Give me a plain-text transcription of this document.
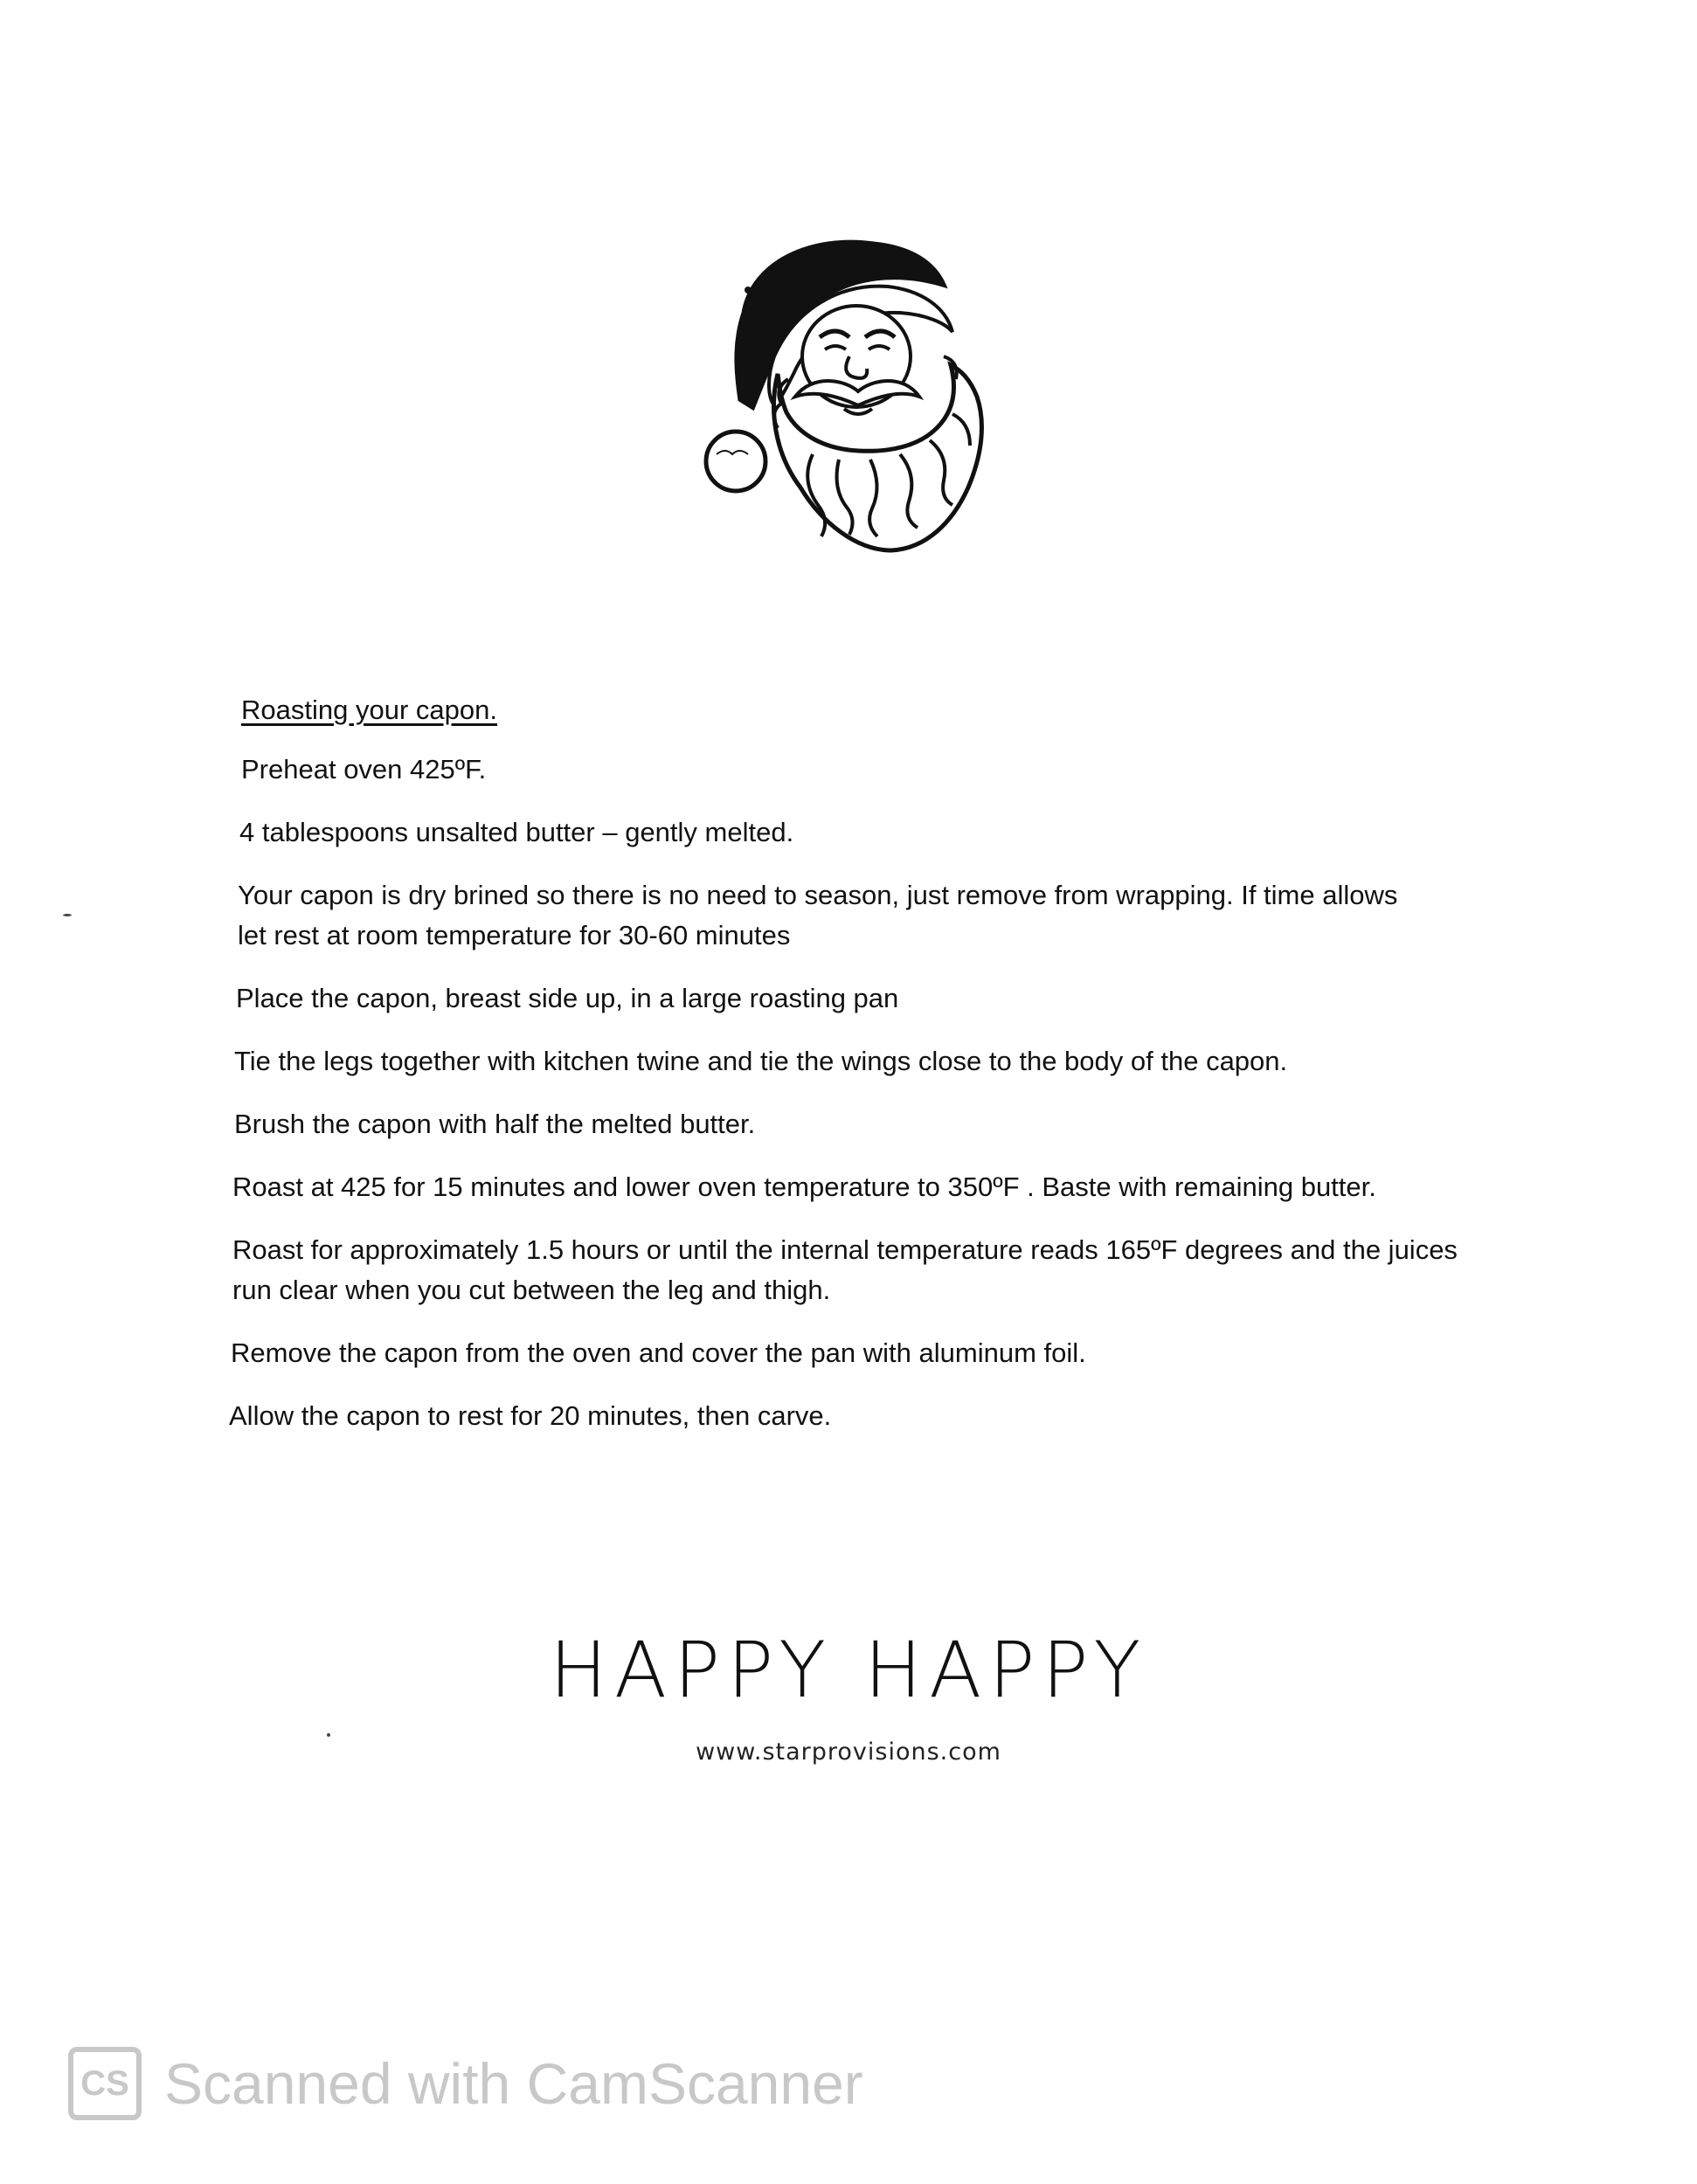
Roasting your capon.
Preheat oven 425ºF.
4 tablespoons unsalted butter – gently melted.
Your capon is dry brined so there is no need to season, just remove from wrapping. If time allows let rest at room temperature for 30-60 minutes
Place the capon, breast side up, in a large roasting pan
Tie the legs together with kitchen twine and tie the wings close to the body of the capon.
Brush the capon with half the melted butter.
Roast at 425 for 15 minutes and lower oven temperature to 350ºF . Baste with remaining butter.
Roast for approximately 1.5 hours or until the internal temperature reads 165ºF degrees and the juices run clear when you cut between the leg and thigh.
Remove the capon from the oven and cover the pan with aluminum foil.
Allow the capon to rest for 20 minutes, then carve.
HAPPY HAPPY
www.starprovisions.com
CS Scanned with CamScanner
